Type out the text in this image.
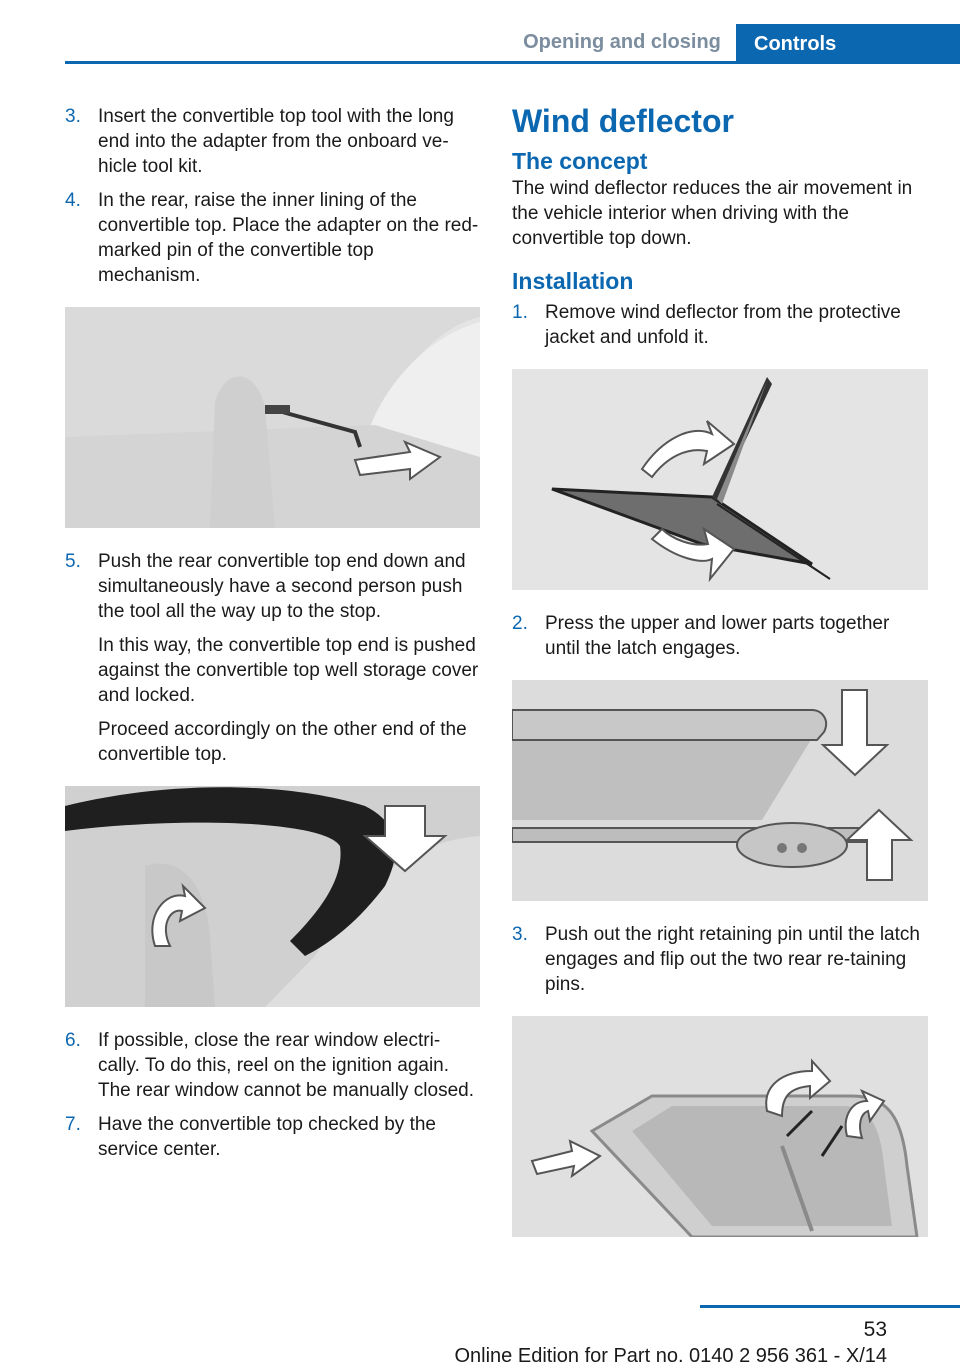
Opening and closing	Controls
3. Insert the convertible top tool with the long end into the adapter from the onboard ve‐hicle tool kit.
4. In the rear, raise the inner lining of the convertible top. Place the adapter on the red-marked pin of the convertible top mechanism.
5. Push the rear convertible top end down and simultaneously have a second person push the tool all the way up to the stop.

In this way, the convertible top end is pushed against the convertible top well storage cover and locked.

Proceed accordingly on the other end of the convertible top.

6. If possible, close the rear window electri‐cally. To do this, reel on the ignition again. The rear window cannot be manually closed.
7. Have the convertible top checked by the service center.
Wind deflector
The concept

The wind deflector reduces the air movement in the vehicle interior when driving with the convertible top down.

Installation
1. Remove wind deflector from the protective jacket and unfold it.
2. Press the upper and lower parts together until the latch engages.
3. Push out the right retaining pin until the latch engages and flip out the two rear re‐taining pins.
53
Online Edition for Part no. 0140 2 956 361 - X/14
